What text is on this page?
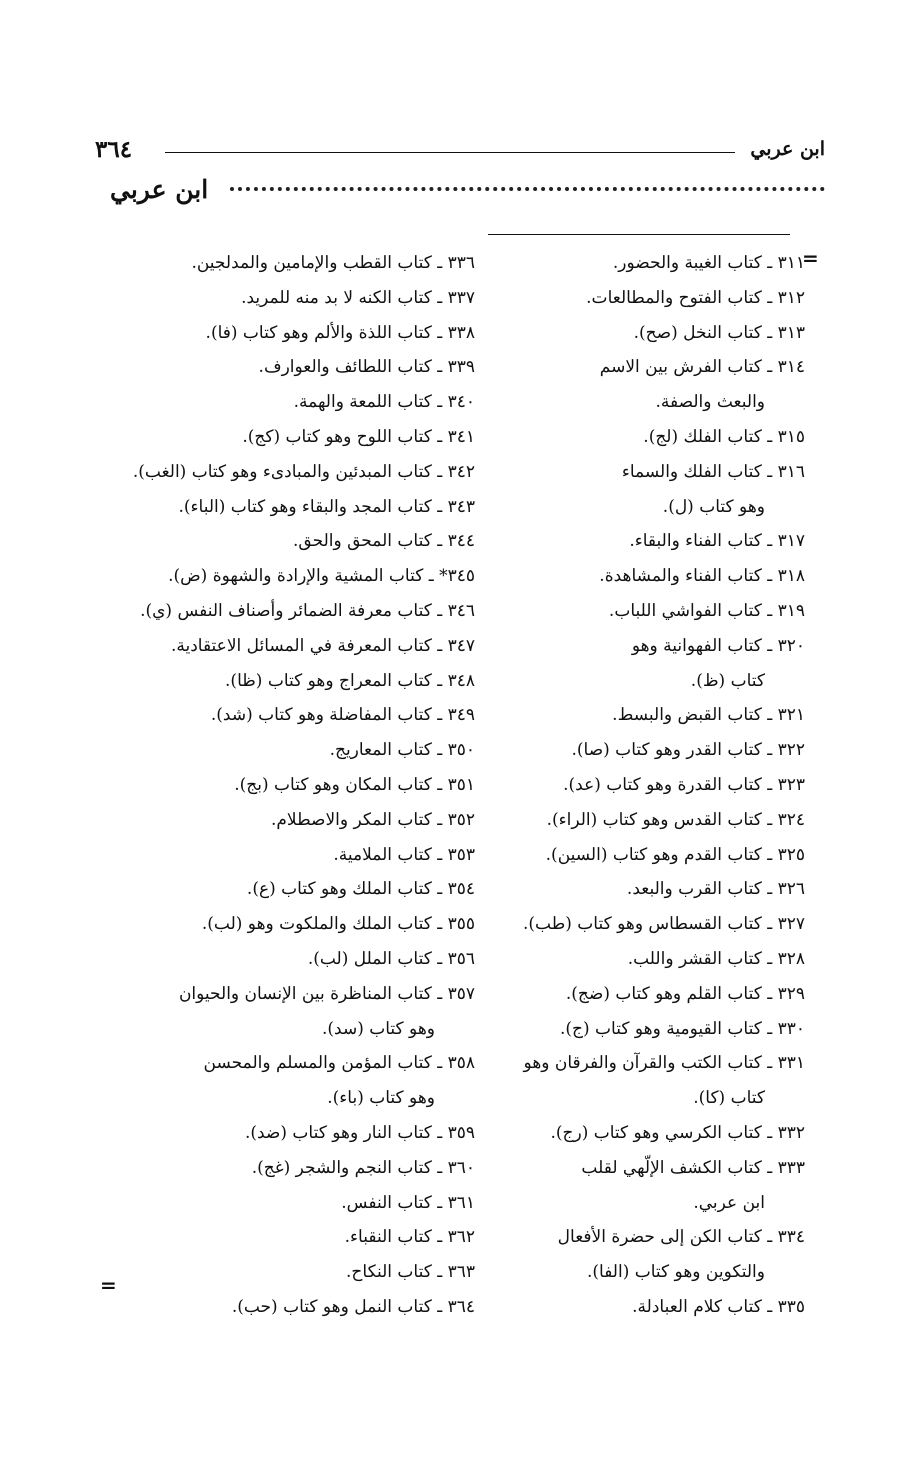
ابن عربي
٣٦٤
ابن عربي
=
=
٣١١ ـ كتاب الغيبة والحضور.
٣١٢ ـ كتاب الفتوح والمطالعات.
٣١٣ ـ كتاب النخل (صح).
٣١٤ ـ كتاب الفرش بين الاسم
والبعث والصفة.
٣١٥ ـ كتاب الفلك (لج).
٣١٦ ـ كتاب الفلك والسماء
وهو كتاب (ل).
٣١٧ ـ كتاب الفناء والبقاء.
٣١٨ ـ كتاب الفناء والمشاهدة.
٣١٩ ـ كتاب الفواشي اللباب.
٣٢٠ ـ كتاب الفهوانية وهو
كتاب (ظ).
٣٢١ ـ كتاب القبض والبسط.
٣٢٢ ـ كتاب القدر وهو كتاب (صا).
٣٢٣ ـ كتاب القدرة وهو كتاب (عد).
٣٢٤ ـ كتاب القدس وهو كتاب (الراء).
٣٢٥ ـ كتاب القدم وهو كتاب (السين).
٣٢٦ ـ كتاب القرب والبعد.
٣٢٧ ـ كتاب القسطاس وهو كتاب (طب).
٣٢٨ ـ كتاب القشر واللب.
٣٢٩ ـ كتاب القلم وهو كتاب (ضج).
٣٣٠ ـ كتاب القيومية وهو كتاب (ج).
٣٣١ ـ كتاب الكتب والقرآن والفرقان وهو
كتاب (كا).
٣٣٢ ـ كتاب الكرسي وهو كتاب (رج).
٣٣٣ ـ كتاب الكشف الإلّهي لقلب
ابن عربي.
٣٣٤ ـ كتاب الكن إلى حضرة الأفعال
والتكوين وهو كتاب (الفا).
٣٣٥ ـ كتاب كلام العبادلة.
٣٣٦ ـ كتاب القطب والإمامين والمدلجين.
٣٣٧ ـ كتاب الكنه لا بد منه للمريد.
٣٣٨ ـ كتاب اللذة والألم وهو كتاب (فا).
٣٣٩ ـ كتاب اللطائف والعوارف.
٣٤٠ ـ كتاب اللمعة والهمة.
٣٤١ ـ كتاب اللوح وهو كتاب (كج).
٣٤٢ ـ كتاب المبدئين والمبادىء وهو كتاب (الغب).
٣٤٣ ـ كتاب المجد والبقاء وهو كتاب (الباء).
٣٤٤ ـ كتاب المحق والحق.
٣٤٥* ـ كتاب المشية والإرادة والشهوة (ض).
٣٤٦ ـ كتاب معرفة الضمائر وأصناف النفس (ي).
٣٤٧ ـ كتاب المعرفة في المسائل الاعتقادية.
٣٤٨ ـ كتاب المعراج وهو كتاب (ظا).
٣٤٩ ـ كتاب المفاضلة وهو كتاب (شد).
٣٥٠ ـ كتاب المعاريج.
٣٥١ ـ كتاب المكان وهو كتاب (بج).
٣٥٢ ـ كتاب المكر والاصطلام.
٣٥٣ ـ كتاب الملامية.
٣٥٤ ـ كتاب الملك وهو كتاب (ع).
٣٥٥ ـ كتاب الملك والملكوت وهو (لب).
٣٥٦ ـ كتاب الملل (لب).
٣٥٧ ـ كتاب المناظرة بين الإنسان والحيوان
وهو كتاب (سد).
٣٥٨ ـ كتاب المؤمن والمسلم والمحسن
وهو كتاب (باء).
٣٥٩ ـ كتاب النار وهو كتاب (ضد).
٣٦٠ ـ كتاب النجم والشجر (غج).
٣٦١ ـ كتاب النفس.
٣٦٢ ـ كتاب النقباء.
٣٦٣ ـ كتاب النكاح.
٣٦٤ ـ كتاب النمل وهو كتاب (حب).
